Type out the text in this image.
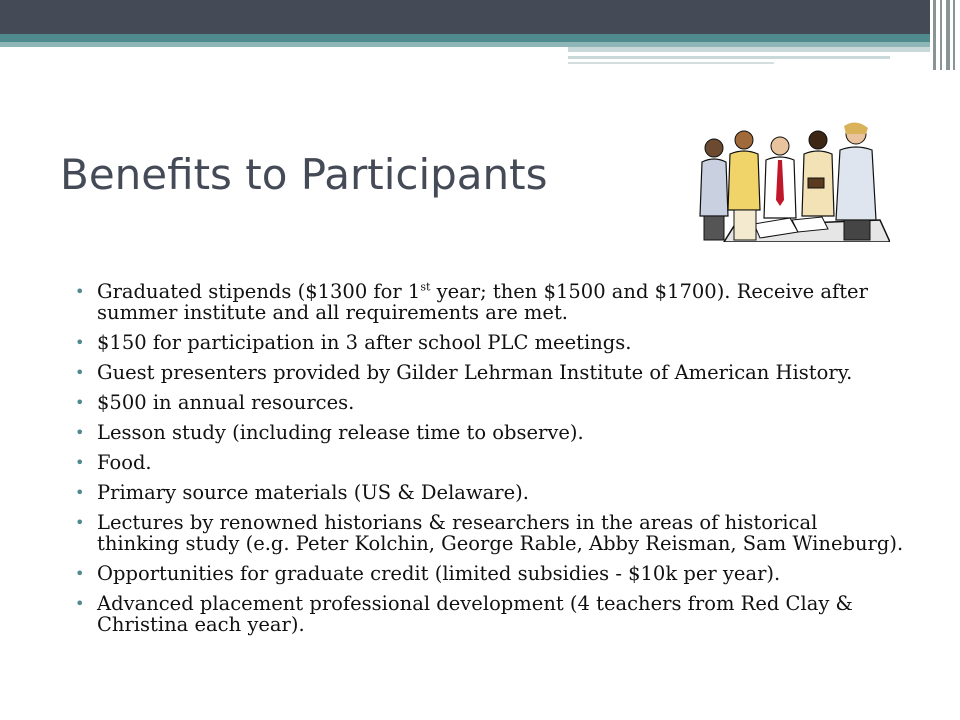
Benefits to Participants
• Graduated stipends ($1300 for 1st year; then $1500 and $1700). Receive after summer institute and all requirements are met.
• $150 for participation in 3 after school PLC meetings.
• Guest presenters provided by Gilder Lehrman Institute of American History.
• $500 in annual resources.
• Lesson study (including release time to observe).
• Food.
• Primary source materials (US & Delaware).
• Lectures by renowned historians & researchers in the areas of historical thinking study (e.g. Peter Kolchin, George Rable, Abby Reisman, Sam Wineburg).
• Opportunities for graduate credit (limited subsidies - $10k per year).
• Advanced placement professional development (4 teachers from Red Clay & Christina each year).
